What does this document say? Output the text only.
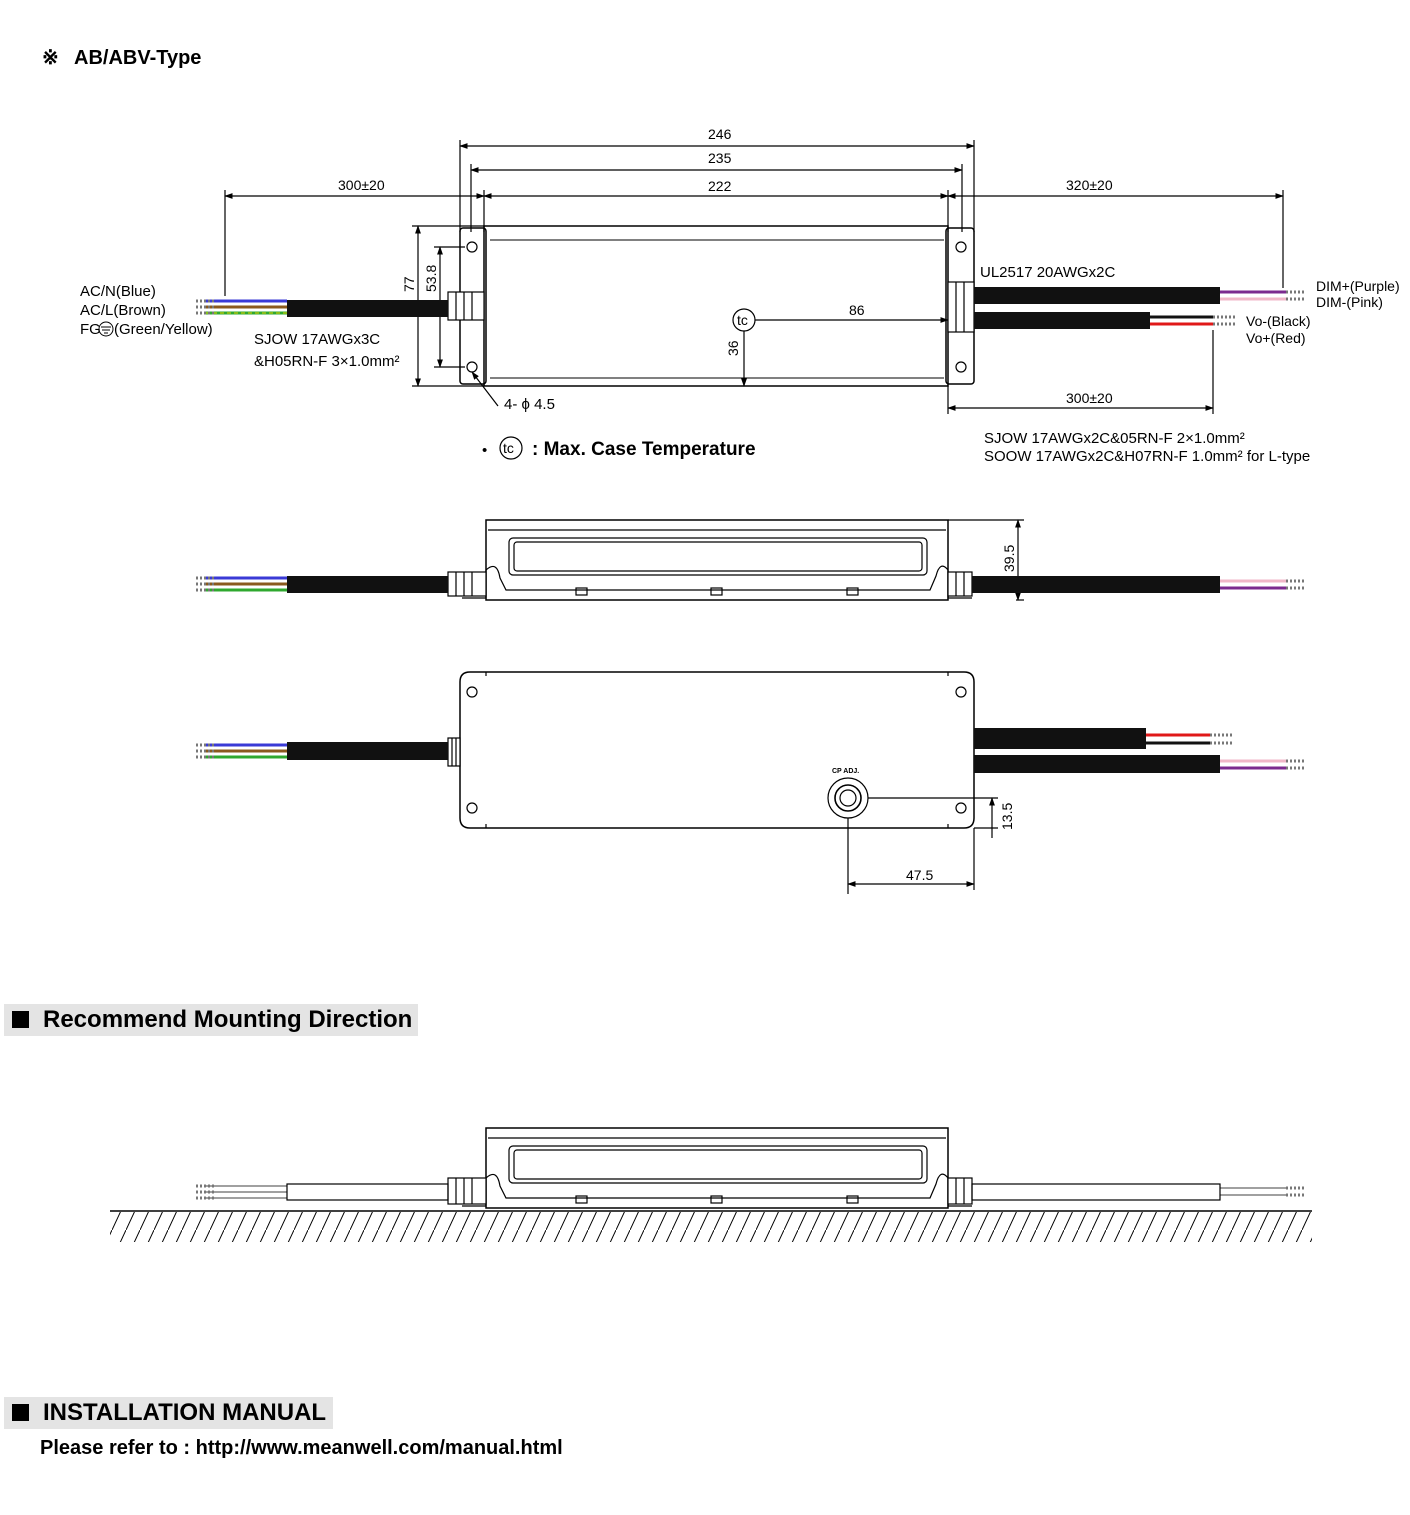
※ AB/ABV-Type
300±20
246
235
222	320±20
77 53.8
86
36
4- ϕ 4.5	300±20
tc
AC/N(Blue)
AC/L(Brown)
FG (Green/Yellow)
SJOW 17AWGx3C
&H05RN-F 3×1.0mm²
UL2517 20AWGx2C
DIM+(Purple)
DIM-(Pink)
Vo-(Black)
Vo+(Red)
SJOW 17AWGx2C&05RN-F 2×1.0mm²
SOOW 17AWGx2C&H07RN-F 1.0mm² for L-type
• tc : Max. Case Temperature
39.5
CP ADJ.
13.5
47.5
Recommend Mounting Direction
INSTALLATION MANUAL
Please refer to : http://www.meanwell.com/manual.html
